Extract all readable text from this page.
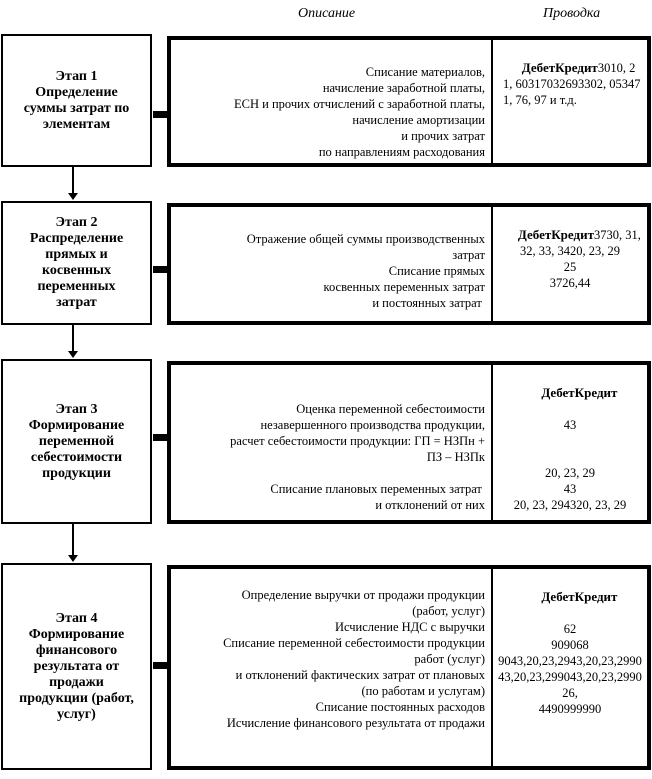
Описание	Проводка
Этап 1
Определение
суммы затрат по
элементам
Списание материалов,
начисление заработной платы,
ЕСН и прочих отчислений с заработной платы,
начисление амортизации
и прочих затрат
по направлениям расходования

ДебетКредит3010, 21, 60317032693302, 053471, 76, 97 и т.д.

Этап 2
Распределение
прямых и
косвенных
переменных
затрат
Отражение общей суммы производственных
затрат
Списание прямых
косвенных переменных затрат
и постоянных затрат

ДебетКредит3730, 31, 32, 33, 3420, 23, 29
25
3726,44

Этап 3
Формирование
переменной
себестоимости
продукции
Оценка переменной себестоимости
незавершенного производства продукции,
расчет себестоимости продукции: ГП = НЗПн +
ПЗ – НЗПк

Списание плановых переменных затрат
и отклонений от них

ДебетКредит

43

20, 23, 29
43
20, 23, 294320, 23, 29

Этап 4
Формирование
финансового
результата от
продажи
продукции (работ,
услуг)
Определение выручки от продажи продукции
(работ, услуг)
Исчисление НДС с выручки
Списание переменной себестоимости продукции
работ (услуг)
и отклонений фактических затрат от плановых
(по работам и услугам)
Списание постоянных расходов
Исчисление финансового результата от продажи

ДебетКредит

62
909068
9043,20,23,2943,20,23,299043,20,23,299043,20,23,299026,
4490999990
